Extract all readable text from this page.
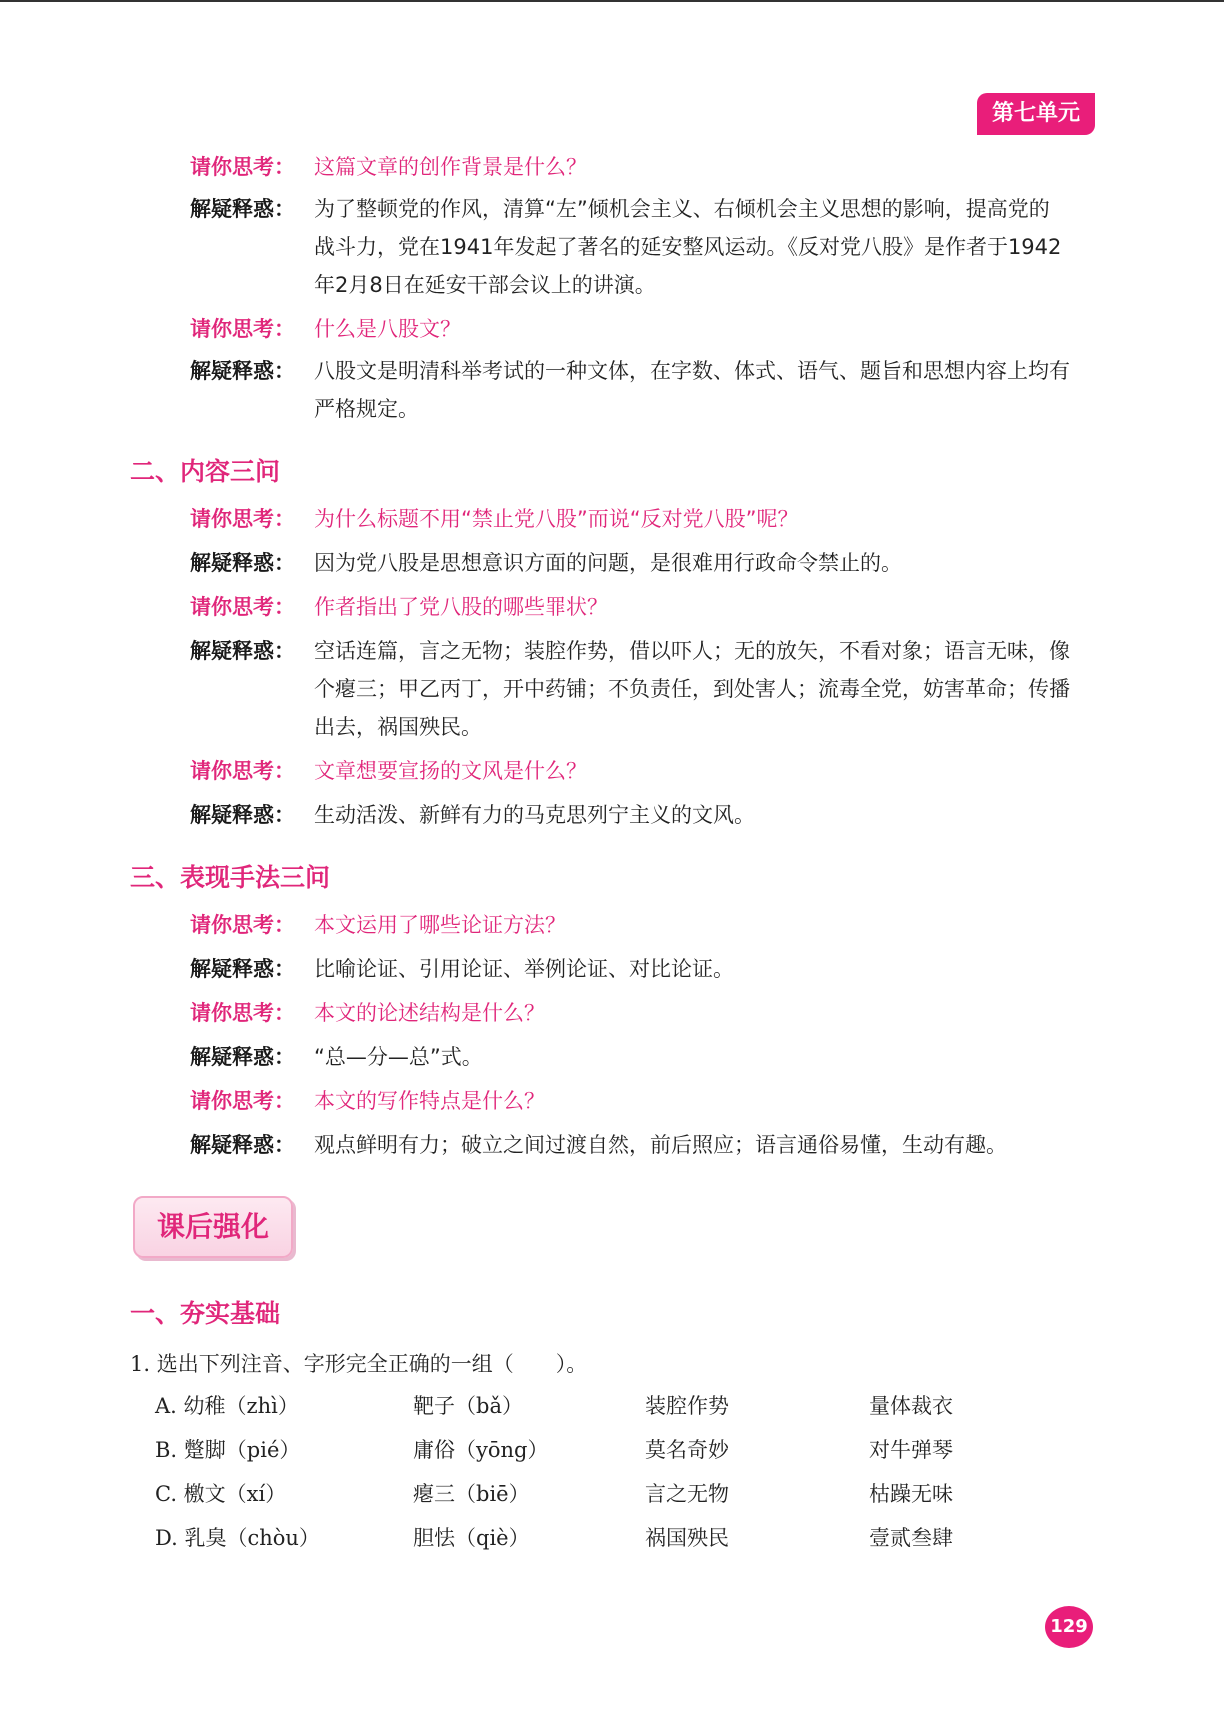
第七单元
请你思考： 这篇文章的创作背景是什么？
解疑释惑： 为了整顿党的作风，清算“左”倾机会主义、右倾机会主义思想的影响，提高党的战斗力，党在1941年发起了著名的延安整风运动。《反对党八股》是作者于1942年2月8日在延安干部会议上的讲演。
请你思考： 什么是八股文？
解疑释惑： 八股文是明清科举考试的一种文体，在字数、体式、语气、题旨和思想内容上均有严格规定。
二、内容三问
请你思考： 为什么标题不用“禁止党八股”而说“反对党八股”呢？
解疑释惑： 因为党八股是思想意识方面的问题，是很难用行政命令禁止的。
请你思考： 作者指出了党八股的哪些罪状？
解疑释惑： 空话连篇，言之无物；装腔作势，借以吓人；无的放矢，不看对象；语言无味，像个瘪三；甲乙丙丁，开中药铺；不负责任，到处害人；流毒全党，妨害革命；传播出去，祸国殃民。
请你思考： 文章想要宣扬的文风是什么？
解疑释惑： 生动活泼、新鲜有力的马克思列宁主义的文风。
三、表现手法三问
请你思考： 本文运用了哪些论证方法？
解疑释惑： 比喻论证、引用论证、举例论证、对比论证。
请你思考： 本文的论述结构是什么？
解疑释惑： “总—分—总”式。
请你思考： 本文的写作特点是什么？
解疑释惑： 观点鲜明有力；破立之间过渡自然，前后照应；语言通俗易懂，生动有趣。
课后强化
一、夯实基础
1. 选出下列注音、字形完全正确的一组（　　）。
A. 幼稚（zhì）	靶子（bǎ）	装腔作势	量体裁衣
B. 蹩脚（pié）	庸俗（yōng）	莫名奇妙	对牛弹琴
C. 檄文（xí）	瘪三（biē）	言之无物	枯躁无味
D. 乳臭（chòu）	胆怯（qiè）	祸国殃民	壹贰叁肆
129
